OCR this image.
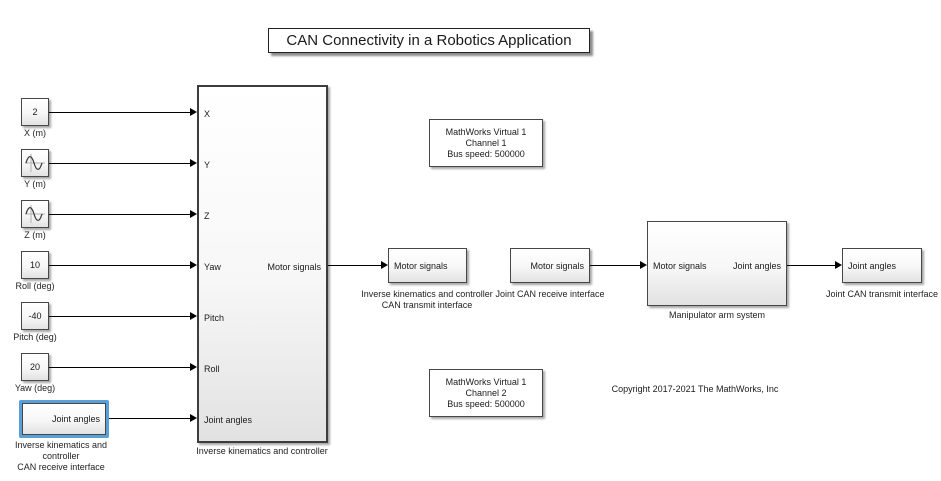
CAN Connectivity in a Robotics Application
2
X (m)
Y (m)
Z (m)
10
Roll (deg)
-40
Pitch (deg)
20
Yaw (deg)
Joint angles
Inverse kinematics and controller
CAN receive interface
X
Y
Z
Yaw
Pitch
Roll
Joint angles
Motor signals
Inverse kinematics and controller
MathWorks Virtual 1
Channel 1
Bus speed: 500000
MathWorks Virtual 1
Channel 2
Bus speed: 500000
Motor signals
Inverse kinematics and controller
CAN transmit interface
Motor signals
Joint CAN receive interface
Motor signals	Joint angles
Manipulator arm system
Joint angles
Joint CAN transmit interface
Copyright 2017-2021 The MathWorks, Inc
